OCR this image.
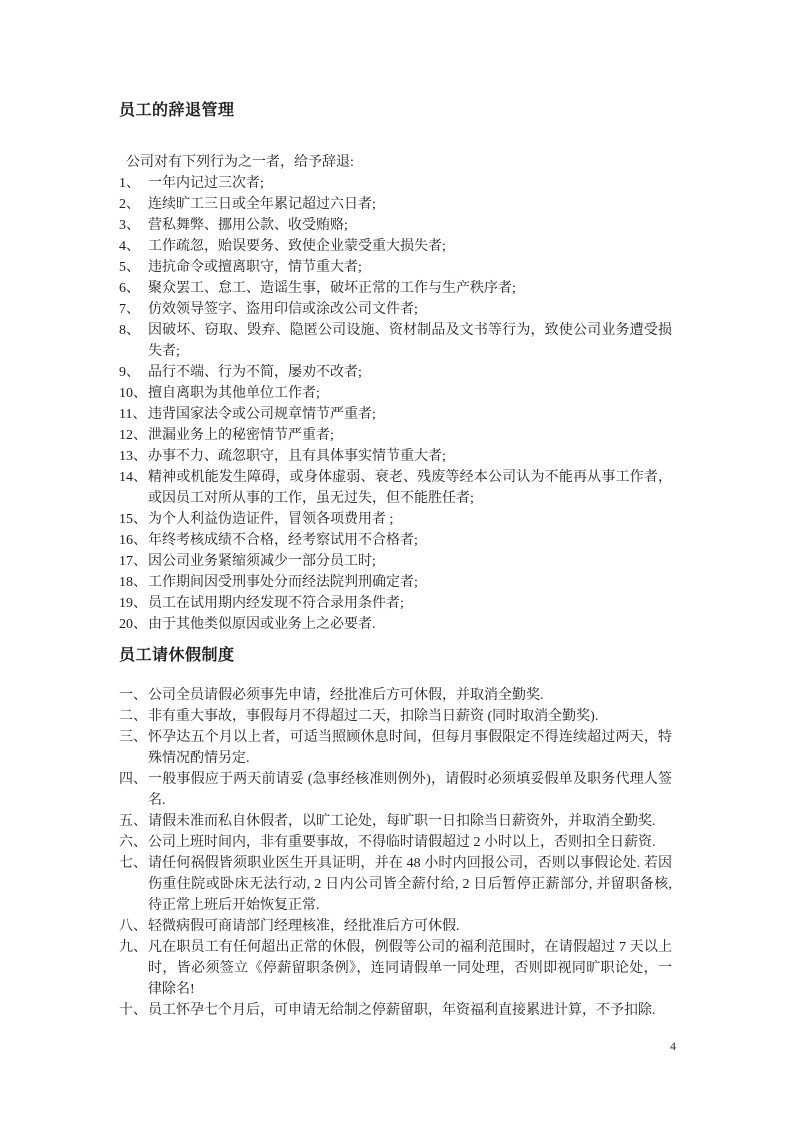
员工的辞退管理

公司对有下列行为之一者，给予辞退:

1、 一年内记过三次者;
2、 连续旷工三日或全年累记超过六日者;
3、 营私舞弊、挪用公款、收受贿赂;
4、 工作疏忽，贻误要务、致使企业蒙受重大损失者;
5、 违抗命令或擅离职守，情节重大者;
6、 聚众罢工、怠工、造谣生事，破坏正常的工作与生产秩序者;
7、 仿效领导签字、盗用印信或涂改公司文件者;
8、 因破坏、窃取、毁弃、隐匿公司设施、资材制品及文书等行为，致使公司业务遭受损失者;
9、 品行不端、行为不简，屡劝不改者;
10、 擅自离职为其他单位工作者;
11、 违背国家法令或公司规章情节严重者;
12、 泄漏业务上的秘密情节严重者;
13、 办事不力、疏忽职守，且有具体事实情节重大者;
14、 精神或机能发生障碍，或身体虚弱、衰老、残废等经本公司认为不能再从事工作者，或因员工对所从事的工作，虽无过失，但不能胜任者;
15、 为个人利益伪造证件，冒领各项费用者 ;
16、 年终考核成绩不合格，经考察试用不合格者;
17、 因公司业务紧缩须减少一部分员工时;
18、 工作期间因受刑事处分而经法院判刑确定者;
19、 员工在试用期内经发现不符合录用条件者;
20、 由于其他类似原因或业务上之必要者.
员工请休假制度
一、 公司全员请假必须事先申请，经批准后方可休假，并取消全勤奖.
二、 非有重大事故，事假每月不得超过二天，扣除当日薪资 (同时取消全勤奖).
三、 怀孕达五个月以上者，可适当照顾休息时间，但每月事假限定不得连续超过两天，特殊情况酌情另定.
四、 一般事假应于两天前请妥 (急事经核准则例外)，请假时必须填妥假单及职务代理人签名.
五、 请假未准而私自休假者，以旷工论处，每旷职一日扣除当日薪资外，并取消全勤奖.
六、 公司上班时间内，非有重要事故，不得临时请假超过 2 小时以上，否则扣全日薪资.
七、 请任何祸假皆须职业医生开具证明，并在 48 小时内回报公司，否则以事假论处. 若因伤重住院或卧床无法行动, 2 日内公司皆全薪付给, 2 日后暂停正薪部分, 并留职备核, 待正常上班后开始恢复正常.
八、 轻微病假可商请部门经理核准，经批准后方可休假.
九、 凡在职员工有任何超出正常的休假，例假等公司的福利范围时，在请假超过 7 天以上时，皆必须签立《停薪留职条例》，连同请假单一同处理，否则即视同旷职论处，一律除名!
十、 员工怀孕七个月后，可申请无给制之停薪留职，年资福利直接累进计算，不予扣除.
4
